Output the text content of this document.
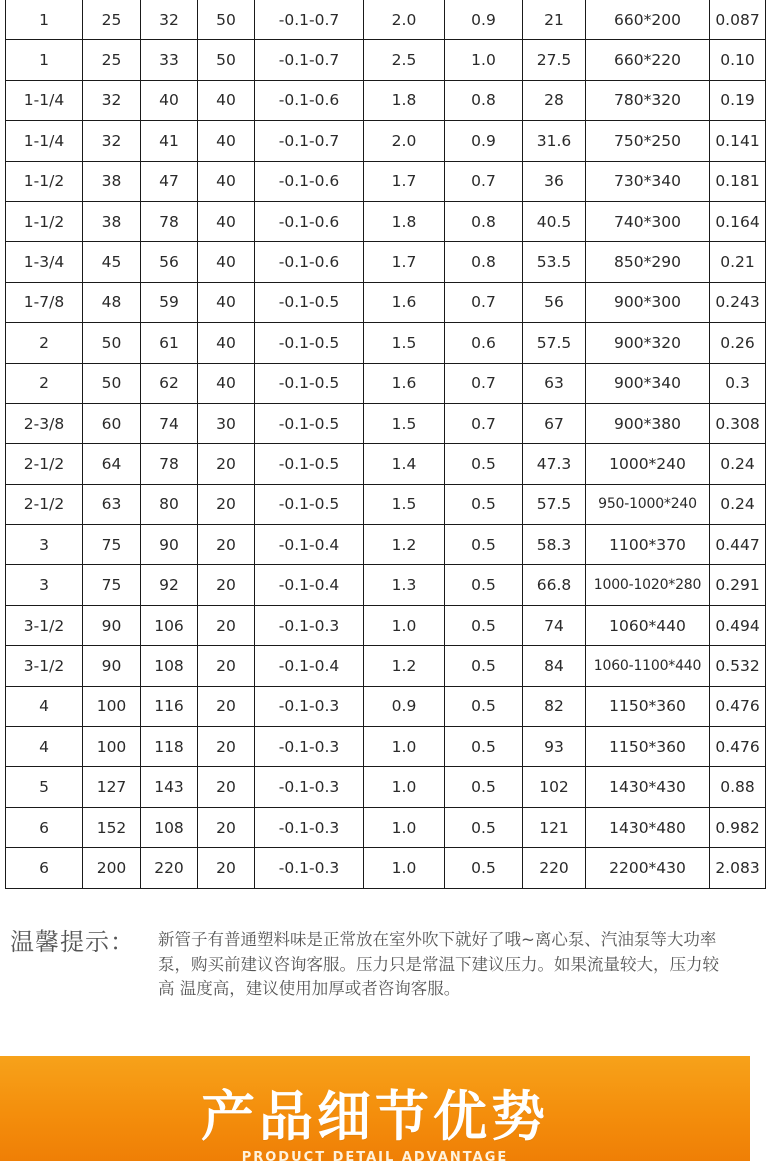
1	25	32	50	-0.1-0.7	2.0	0.9	21	660*200	0.087
1	25	33	50	-0.1-0.7	2.5	1.0	27.5	660*220	0.10
1-1/4	32	40	40	-0.1-0.6	1.8	0.8	28	780*320	0.19
1-1/4	32	41	40	-0.1-0.7	2.0	0.9	31.6	750*250	0.141
1-1/2	38	47	40	-0.1-0.6	1.7	0.7	36	730*340	0.181
1-1/2	38	78	40	-0.1-0.6	1.8	0.8	40.5	740*300	0.164
1-3/4	45	56	40	-0.1-0.6	1.7	0.8	53.5	850*290	0.21
1-7/8	48	59	40	-0.1-0.5	1.6	0.7	56	900*300	0.243
2	50	61	40	-0.1-0.5	1.5	0.6	57.5	900*320	0.26
2	50	62	40	-0.1-0.5	1.6	0.7	63	900*340	0.3
2-3/8	60	74	30	-0.1-0.5	1.5	0.7	67	900*380	0.308
2-1/2	64	78	20	-0.1-0.5	1.4	0.5	47.3	1000*240	0.24
2-1/2	63	80	20	-0.1-0.5	1.5	0.5	57.5	950-1000*240	0.24
3	75	90	20	-0.1-0.4	1.2	0.5	58.3	1100*370	0.447
3	75	92	20	-0.1-0.4	1.3	0.5	66.8	1000-1020*280	0.291
3-1/2	90	106	20	-0.1-0.3	1.0	0.5	74	1060*440	0.494
3-1/2	90	108	20	-0.1-0.4	1.2	0.5	84	1060-1100*440	0.532
4	100	116	20	-0.1-0.3	0.9	0.5	82	1150*360	0.476
4	100	118	20	-0.1-0.3	1.0	0.5	93	1150*360	0.476
5	127	143	20	-0.1-0.3	1.0	0.5	102	1430*430	0.88
6	152	108	20	-0.1-0.3	1.0	0.5	121	1430*480	0.982
6	200	220	20	-0.1-0.3	1.0	0.5	220	2200*430	2.083
温馨提示： 新管子有普通塑料味是正常放在室外吹下就好了哦~离心泵、汽油泵等大功率泵，购买前建议咨询客服。压力只是常温下建议压力。如果流量较大，压力较高 温度高，建议使用加厚或者咨询客服。
产品细节优势
PRODUCT DETAIL ADVANTAGE
